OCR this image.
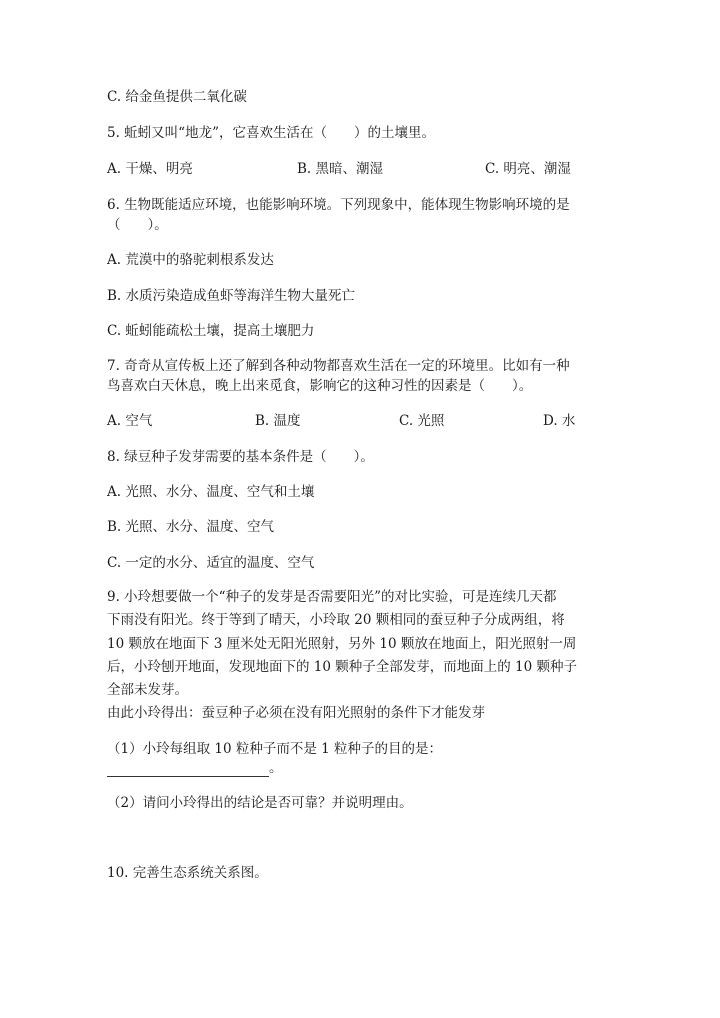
C. 给金鱼提供二氧化碳
5. 蚯蚓又叫“地龙”，它喜欢生活在（　　）的土壤里。
A. 干燥、明亮	B. 黑暗、潮湿	C. 明亮、潮湿
6. 生物既能适应环境，也能影响环境。下列现象中，能体现生物影响环境的是
（　　）。
A. 荒漠中的骆驼刺根系发达
B. 水质污染造成鱼虾等海洋生物大量死亡
C. 蚯蚓能疏松土壤，提高土壤肥力
7. 奇奇从宣传板上还了解到各种动物都喜欢生活在一定的环境里。比如有一种
鸟喜欢白天休息，晚上出来觅食，影响它的这种习性的因素是（　　）。
A. 空气	B. 温度	C. 光照	D. 水
8. 绿豆种子发芽需要的基本条件是（　　）。
A. 光照、水分、温度、空气和土壤
B. 光照、水分、温度、空气
C. 一定的水分、适宜的温度、空气
9. 小玲想要做一个“种子的发芽是否需要阳光”的对比实验，可是连续几天都
下雨没有阳光。终于等到了晴天，小玲取 20 颗相同的蚕豆种子分成两组，将
10 颗放在地面下 3 厘米处无阳光照射，另外 10 颗放在地面上，阳光照射一周
后，小玲刨开地面，发现地面下的 10 颗种子全部发芽，而地面上的 10 颗种子
全部未发芽。
由此小玲得出：蚕豆种子必须在没有阳光照射的条件下才能发芽
（1）小玲每组取 10 粒种子而不是 1 粒种子的目的是：
。
（2）请问小玲得出的结论是否可靠？并说明理由。
10. 完善生态系统关系图。
